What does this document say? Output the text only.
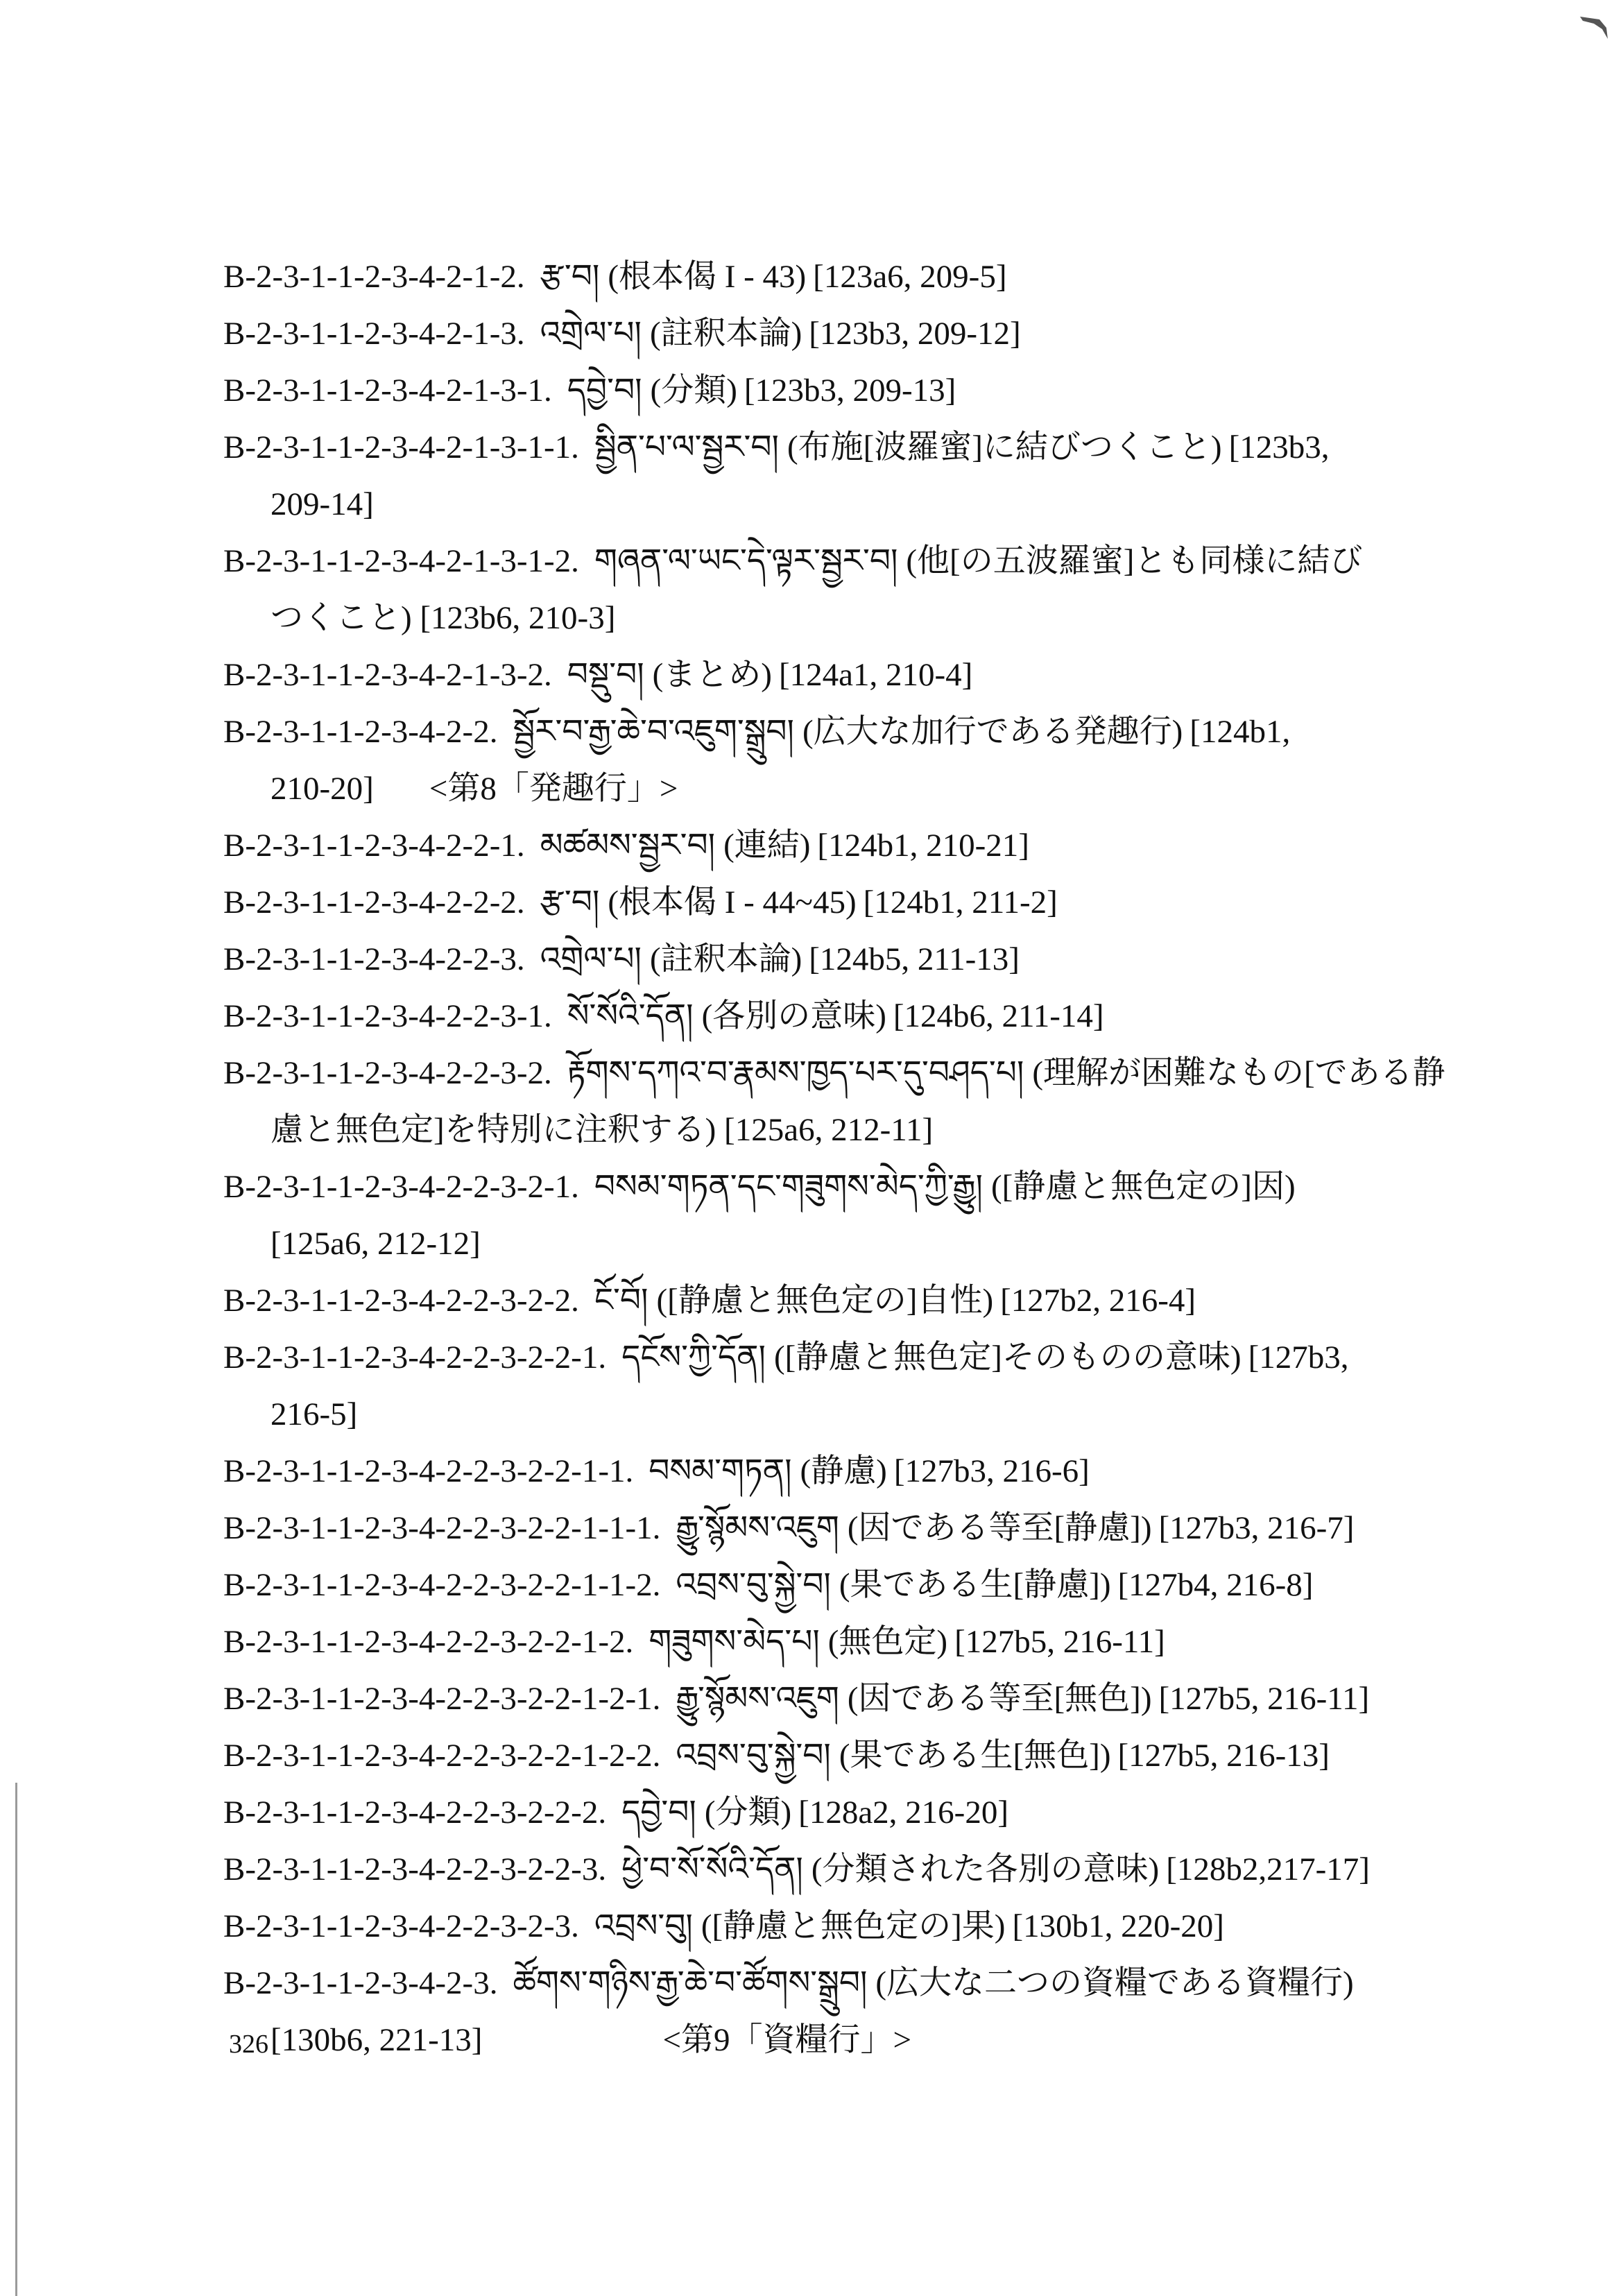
B-2-3-1-1-2-3-4-2-1-2. རྩ་བ། (根本偈 I - 43) [123a6, 209-5]
B-2-3-1-1-2-3-4-2-1-3. འགྲེལ་པ། (註釈本論) [123b3, 209-12]
B-2-3-1-1-2-3-4-2-1-3-1. དབྱེ་བ། (分類) [123b3, 209-13]
B-2-3-1-1-2-3-4-2-1-3-1-1. སྦྱིན་པ་ལ་སྦྱར་བ། (布施[波羅蜜]に結びつくこと) [123b3,
209-14]
B-2-3-1-1-2-3-4-2-1-3-1-2. གཞན་ལ་ཡང་དེ་ལྟར་སྦྱར་བ། (他[の五波羅蜜]とも同様に結び
つくこと) [123b6, 210-3]
B-2-3-1-1-2-3-4-2-1-3-2. བསྡུ་བ། (まとめ) [124a1, 210-4]
B-2-3-1-1-2-3-4-2-2. སྦྱོར་བ་རྒྱ་ཆེ་བ་འཇུག་སྒྲུབ། (広大な加行である発趣行) [124b1,
210-20] <第8「発趣行」>
B-2-3-1-1-2-3-4-2-2-1. མཚམས་སྦྱར་བ། (連結) [124b1, 210-21]
B-2-3-1-1-2-3-4-2-2-2. རྩ་བ། (根本偈 I - 44~45) [124b1, 211-2]
B-2-3-1-1-2-3-4-2-2-3. འགྲེལ་པ། (註釈本論) [124b5, 211-13]
B-2-3-1-1-2-3-4-2-2-3-1. སོ་སོའི་དོན། (各別の意味) [124b6, 211-14]
B-2-3-1-1-2-3-4-2-2-3-2. རྟོགས་དཀའ་བ་རྣམས་ཁྱད་པར་དུ་བཤད་པ། (理解が困難なもの[である静
慮と無色定]を特別に注釈する) [125a6, 212-11]
B-2-3-1-1-2-3-4-2-2-3-2-1. བསམ་གཏན་དང་གཟུགས་མེད་ཀྱི་རྒྱུ། ([静慮と無色定の]因)
[125a6, 212-12]
B-2-3-1-1-2-3-4-2-2-3-2-2. ངོ་བོ། ([静慮と無色定の]自性) [127b2, 216-4]
B-2-3-1-1-2-3-4-2-2-3-2-2-1. དངོས་ཀྱི་དོན། ([静慮と無色定]そのものの意味) [127b3,
216-5]
B-2-3-1-1-2-3-4-2-2-3-2-2-1-1. བསམ་གཏན། (静慮) [127b3, 216-6]
B-2-3-1-1-2-3-4-2-2-3-2-2-1-1-1. རྒྱུ་སྙོམས་འཇུག (因である等至[静慮]) [127b3, 216-7]
B-2-3-1-1-2-3-4-2-2-3-2-2-1-1-2. འབྲས་བུ་སྐྱེ་བ། (果である生[静慮]) [127b4, 216-8]
B-2-3-1-1-2-3-4-2-2-3-2-2-1-2. གཟུགས་མེད་པ། (無色定) [127b5, 216-11]
B-2-3-1-1-2-3-4-2-2-3-2-2-1-2-1. རྒྱུ་སྙོམས་འཇུག (因である等至[無色]) [127b5, 216-11]
B-2-3-1-1-2-3-4-2-2-3-2-2-1-2-2. འབྲས་བུ་སྐྱེ་བ། (果である生[無色]) [127b5, 216-13]
B-2-3-1-1-2-3-4-2-2-3-2-2-2. དབྱེ་བ། (分類) [128a2, 216-20]
B-2-3-1-1-2-3-4-2-2-3-2-2-3. ཕྱེ་བ་སོ་སོའི་དོན། (分類された各別の意味) [128b2,217-17]
B-2-3-1-1-2-3-4-2-2-3-2-3. འབྲས་བུ། ([静慮と無色定の]果) [130b1, 220-20]
B-2-3-1-1-2-3-4-2-3. ཚོགས་གཉིས་རྒྱ་ཆེ་བ་ཚོགས་སྒྲུབ། (広大な二つの資糧である資糧行)
[130b6, 221-13]	<第9「資糧行」>
326
